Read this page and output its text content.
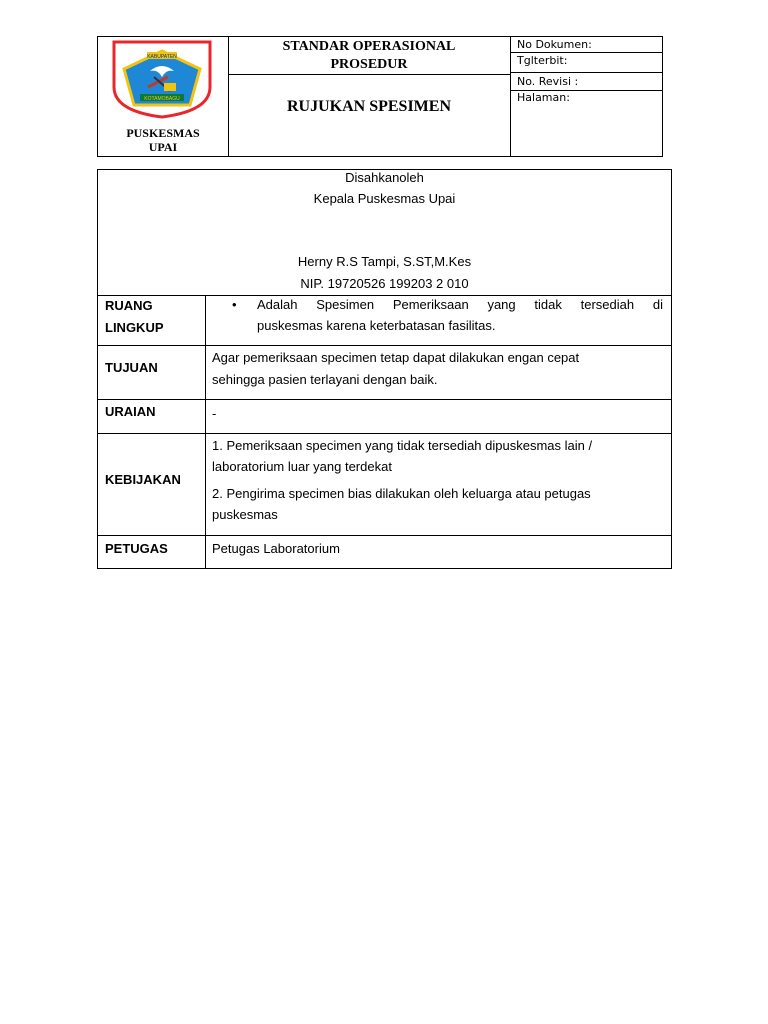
KABUPATEN
KOTAMOBAGU
PUSKESMAS
UPAI
STANDAR OPERASIONAL
PROSEDUR
RUJUKAN SPESIMEN
No Dokumen:
Tglterbit:
No. Revisi :
Halaman:
Disahkanoleh
Kepala Puskesmas Upai
Herny R.S Tampi, S.ST,M.Kes
NIP. 19720526 199203 2 010
RUANG
LINGKUP
• Adalah Spesimen Pemeriksaan yang tidak tersediah di
puskesmas karena keterbatasan fasilitas.
TUJUAN
Agar pemeriksaan specimen tetap dapat dilakukan engan cepat
sehingga pasien terlayani dengan baik.
URAIAN	-
KEBIJAKAN
1. Pemeriksaan specimen yang tidak tersediah dipuskesmas lain /
laboratorium luar yang terdekat
2. Pengirima specimen bias dilakukan oleh keluarga atau petugas
puskesmas
PETUGAS	Petugas Laboratorium
